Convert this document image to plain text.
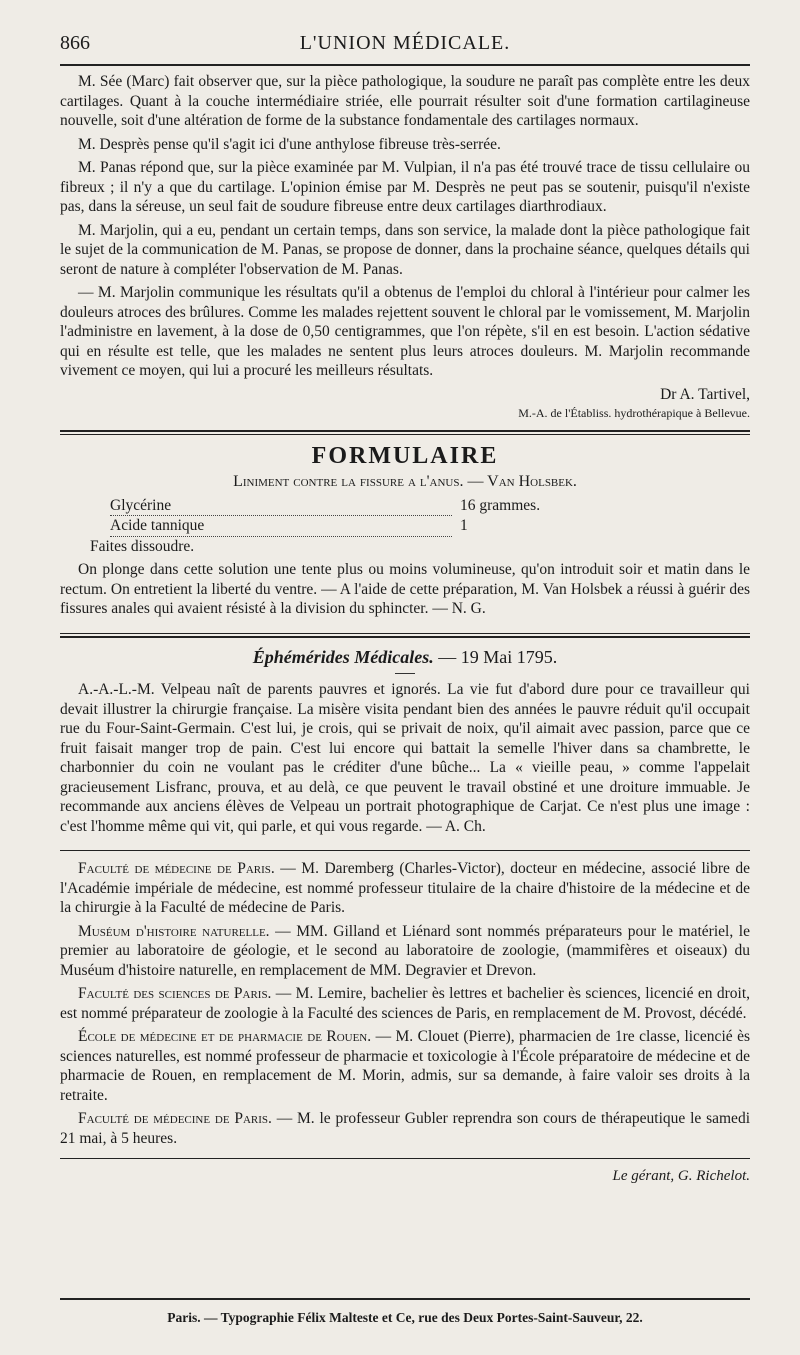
866	L'UNION MÉDICALE.

M. Sée (Marc) fait observer que, sur la pièce pathologique, la soudure ne paraît pas complète entre les deux cartilages. Quant à la couche intermédiaire striée, elle pourrait résulter soit d'une formation cartilagineuse nouvelle, soit d'une altération de forme de la substance fondamentale des cartilages normaux.

M. Desprès pense qu'il s'agit ici d'une anthylose fibreuse très-serrée.

M. Panas répond que, sur la pièce examinée par M. Vulpian, il n'a pas été trouvé trace de tissu cellulaire ou fibreux ; il n'y a que du cartilage. L'opinion émise par M. Desprès ne peut pas se soutenir, puisqu'il n'existe pas, dans la séreuse, un seul fait de soudure fibreuse entre deux cartilages diarthrodiaux.

M. Marjolin, qui a eu, pendant un certain temps, dans son service, la malade dont la pièce pathologique fait le sujet de la communication de M. Panas, se propose de donner, dans la prochaine séance, quelques détails qui seront de nature à compléter l'observation de M. Panas.

— M. Marjolin communique les résultats qu'il a obtenus de l'emploi du chloral à l'intérieur pour calmer les douleurs atroces des brûlures. Comme les malades rejettent souvent le chloral par le vomissement, M. Marjolin l'administre en lavement, à la dose de 0,50 centigrammes, que l'on répète, s'il en est besoin. L'action sédative qui en résulte est telle, que les malades ne sentent plus leurs atroces douleurs. M. Marjolin recommande vivement ce moyen, qui lui a procuré les meilleurs résultats.

Dr A. Tartivel,

M.-A. de l'Établiss. hydrothérapique à Bellevue.

FORMULAIRE

Liniment contre la fissure a l'anus. — Van Holsbek.

Glycérine	16 grammes.
Acide tannique	1

Faites dissoudre.

On plonge dans cette solution une tente plus ou moins volumineuse, qu'on introduit soir et matin dans le rectum. On entretient la liberté du ventre. — A l'aide de cette préparation, M. Van Holsbek a réussi à guérir des fissures anales qui avaient résisté à la division du sphincter. — N. G.

Éphémérides Médicales. — 19 Mai 1795.

A.-A.-L.-M. Velpeau naît de parents pauvres et ignorés. La vie fut d'abord dure pour ce travailleur qui devait illustrer la chirurgie française. La misère visita pendant bien des années le pauvre réduit qu'il occupait rue du Four-Saint-Germain. C'est lui, je crois, qui se privait de noix, qu'il aimait avec passion, parce que ce fruit faisait manger trop de pain. C'est lui encore qui battait la semelle l'hiver dans sa chambrette, le charbonnier du coin ne voulant pas le créditer d'une bûche... La « vieille peau, » comme l'appelait gracieusement Lisfranc, prouva, et au delà, ce que peuvent le travail obstiné et une droiture immuable. Je recommande aux anciens élèves de Velpeau un portrait photographique de Carjat. Ce n'est plus une image : c'est l'homme même qui vit, qui parle, et qui vous regarde. — A. Ch.

Faculté de médecine de Paris. — M. Daremberg (Charles-Victor), docteur en médecine, associé libre de l'Académie impériale de médecine, est nommé professeur titulaire de la chaire d'histoire de la médecine et de la chirurgie à la Faculté de médecine de Paris.

Muséum d'histoire naturelle. — MM. Gilland et Liénard sont nommés préparateurs pour le matériel, le premier au laboratoire de géologie, et le second au laboratoire de zoologie, (mammifères et oiseaux) du Muséum d'histoire naturelle, en remplacement de MM. Degravier et Drevon.

Faculté des sciences de Paris. — M. Lemire, bachelier ès lettres et bachelier ès sciences, licencié en droit, est nommé préparateur de zoologie à la Faculté des sciences de Paris, en remplacement de M. Provost, décédé.

École de médecine et de pharmacie de Rouen. — M. Clouet (Pierre), pharmacien de 1re classe, licencié ès sciences naturelles, est nommé professeur de pharmacie et toxicologie à l'École préparatoire de médecine et de pharmacie de Rouen, en remplacement de M. Morin, admis, sur sa demande, à faire valoir ses droits à la retraite.

Faculté de médecine de Paris. — M. le professeur Gubler reprendra son cours de thérapeutique le samedi 21 mai, à 5 heures.

Le gérant, G. Richelot.

Paris. — Typographie Félix Malteste et Ce, rue des Deux Portes-Saint-Sauveur, 22.
